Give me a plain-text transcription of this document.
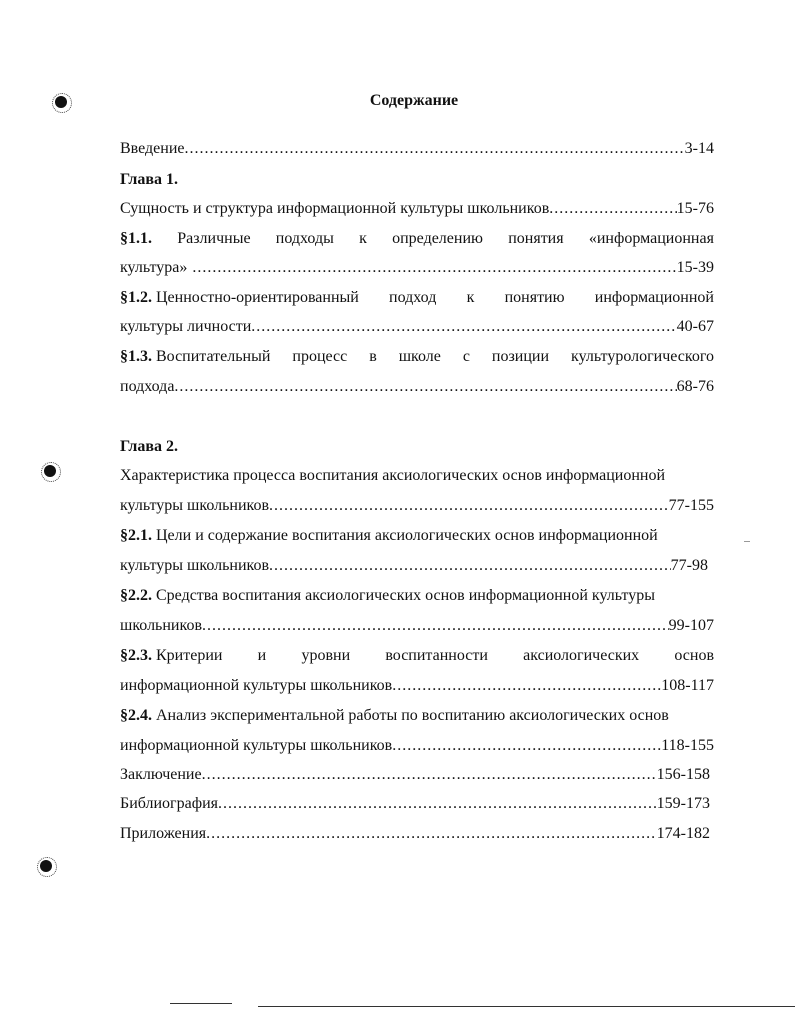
Содержание
Введение .....	3-14
Глава 1.
Сущность и структура информационной культуры школьников .....	15-76
§1.1. Различные подходы к определению понятия «информационная
культура» .....	15-39
§1.2. Ценностно-ориентированный подход к понятию информационной
культуры личности .....	40-67
§1.3. Воспитательный процесс в школе с позиции культурологического
подхода .....	68-76
Глава 2.
Характеристика процесса воспитания аксиологических основ информационной
культуры школьников .....	77-155
§2.1. Цели и содержание воспитания аксиологических основ информационной
культуры школьников .....	77-98
§2.2. Средства воспитания аксиологических основ информационной культуры
школьников .....	99-107
§2.3. Критерии и уровни воспитанности аксиологических основ
информационной культуры школьников .....	108-117
§2.4. Анализ экспериментальной работы по воспитанию аксиологических основ
информационной культуры школьников .....	118-155
Заключение .....	156-158
Библиография .....	159-173
Приложения .....	174-182
